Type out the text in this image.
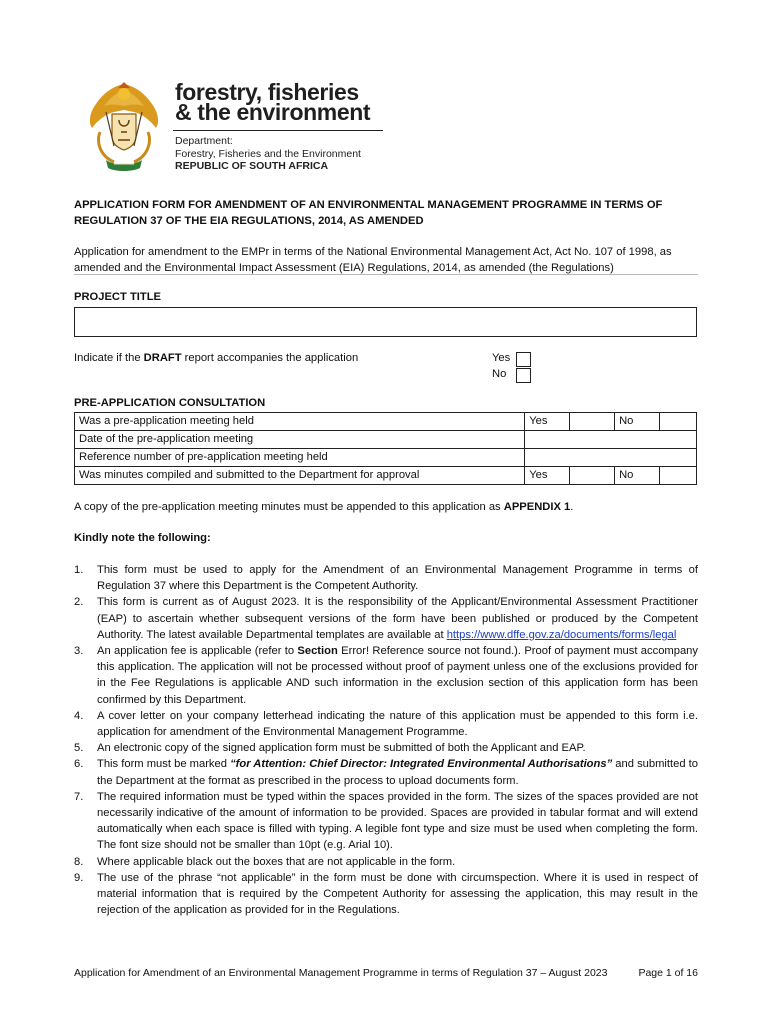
forestry, fisheries
& the environment
Department:
Forestry, Fisheries and the Environment
REPUBLIC OF SOUTH AFRICA
APPLICATION FORM FOR AMENDMENT OF AN ENVIRONMENTAL MANAGEMENT PROGRAMME IN TERMS OF REGULATION 37 OF THE EIA REGULATIONS, 2014, AS AMENDED
Application for amendment to the EMPr in terms of the National Environmental Management Act, Act No. 107 of 1998, as amended and the Environmental Impact Assessment (EIA) Regulations, 2014, as amended (the Regulations)
PROJECT TITLE
Indicate if the DRAFT report accompanies the application	Yes
No
PRE-APPLICATION CONSULTATION
Was a pre-application meeting held	Yes		No	
Date of the pre-application meeting				
Reference number of pre-application meeting held				
Was minutes compiled and submitted to the Department for approval	Yes		No	
A copy of the pre-application meeting minutes must be appended to this application as APPENDIX 1.
Kindly note the following:
1. This form must be used to apply for the Amendment of an Environmental Management Programme in terms of Regulation 37 where this Department is the Competent Authority.
2. This form is current as of August 2023. It is the responsibility of the Applicant/Environmental Assessment Practitioner (EAP) to ascertain whether subsequent versions of the form have been published or produced by the Competent Authority. The latest available Departmental templates are available at https://www.dffe.gov.za/documents/forms/legal
3. An application fee is applicable (refer to Section Error! Reference source not found.). Proof of payment must accompany this application. The application will not be processed without proof of payment unless one of the exclusions provided for in the Fee Regulations is applicable AND such information in the exclusion section of this application form has been confirmed by this Department.
4. A cover letter on your company letterhead indicating the nature of this application must be appended to this form i.e. application for amendment of the Environmental Management Programme.
5. An electronic copy of the signed application form must be submitted of both the Applicant and EAP.
6. This form must be marked “for Attention: Chief Director: Integrated Environmental Authorisations” and submitted to the Department at the format as prescribed in the process to upload documents form.
7. The required information must be typed within the spaces provided in the form. The sizes of the spaces provided are not necessarily indicative of the amount of information to be provided. Spaces are provided in tabular format and will extend automatically when each space is filled with typing. A legible font type and size must be used when completing the form. The font size should not be smaller than 10pt (e.g. Arial 10).
8. Where applicable black out the boxes that are not applicable in the form.
9. The use of the phrase “not applicable” in the form must be done with circumspection. Where it is used in respect of material information that is required by the Competent Authority for assessing the application, this may result in the rejection of the application as provided for in the Regulations.
Application for Amendment of an Environmental Management Programme in terms of Regulation 37 – August 2023	Page 1 of 16
